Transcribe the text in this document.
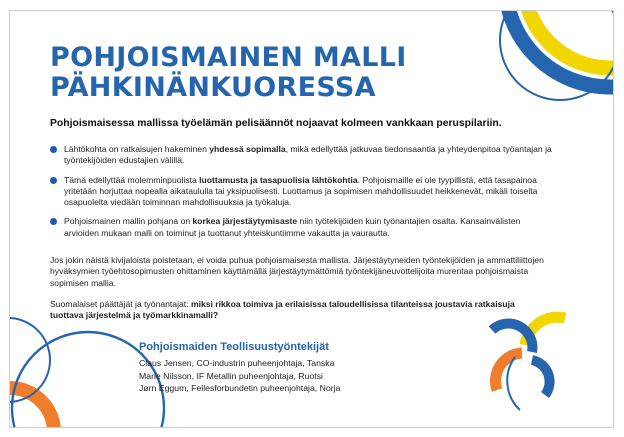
POHJOISMAINEN MALLI
PÄHKINÄNKUORESSA

Pohjoismaisessa mallissa työelämän pelisäännöt nojaavat kolmeen vankkaan peruspilariin.

Lähtökohta on ratkaisujen hakeminen yhdessä sopimalla, mikä edellyttää jatkuvaa tiedonsaantia ja yhteydenpitoa työantajan ja työntekijöiden edustajien välillä.
Tämä edellyttää molemminpuolista luottamusta ja tasapuolisia lähtökohtia. Pohjoismaille ei ole tyypillistä, että tasapainoa yritetään horjuttaa nopealla aikataululla tai yksipuolisesti. Luottamus ja sopimisen mahdollisuudet heikkenevät, mikäli toiselta osapuolelta viedään toiminnan mahdollisuuksia ja työkaluja.
Pohjoismainen mallin pohjana on korkea järjestäytymisaste niin työtekijöiden kuin työnantajien osalta. Kansainvälisten arvioiden mukaan malli on toiminut ja tuottanut yhteiskuntiimme vakautta ja vaurautta.

Jos jokin näistä kivijaloista poistetaan, ei voida puhua pohjoismaisesta mallista. Järjestäytyneiden työntekijöiden ja ammattiliittojen hyväksymien työehtosopimusten ohittaminen käyttämällä järjestäytymättömiä työntekijäneuvottelijoita murentaa pohjoismaista sopimisen mallia.

Suomalaiset päättäjät ja työnantajat: miksi rikkoa toimiva ja erilaisissa taloudellisissa tilanteissa joustavia ratkaisuja tuottava järjestelmä ja työmarkkinamalli?

Pohjoismaiden Teollisuustyöntekijät

Claus Jensen, CO-industrin puheenjohtaja, Tanska

Marie Nilsson, IF Metallin puheenjohtaja, Ruotsi

Jørn Eggum, Fellesforbundetin puheenjohtaja, Norja
